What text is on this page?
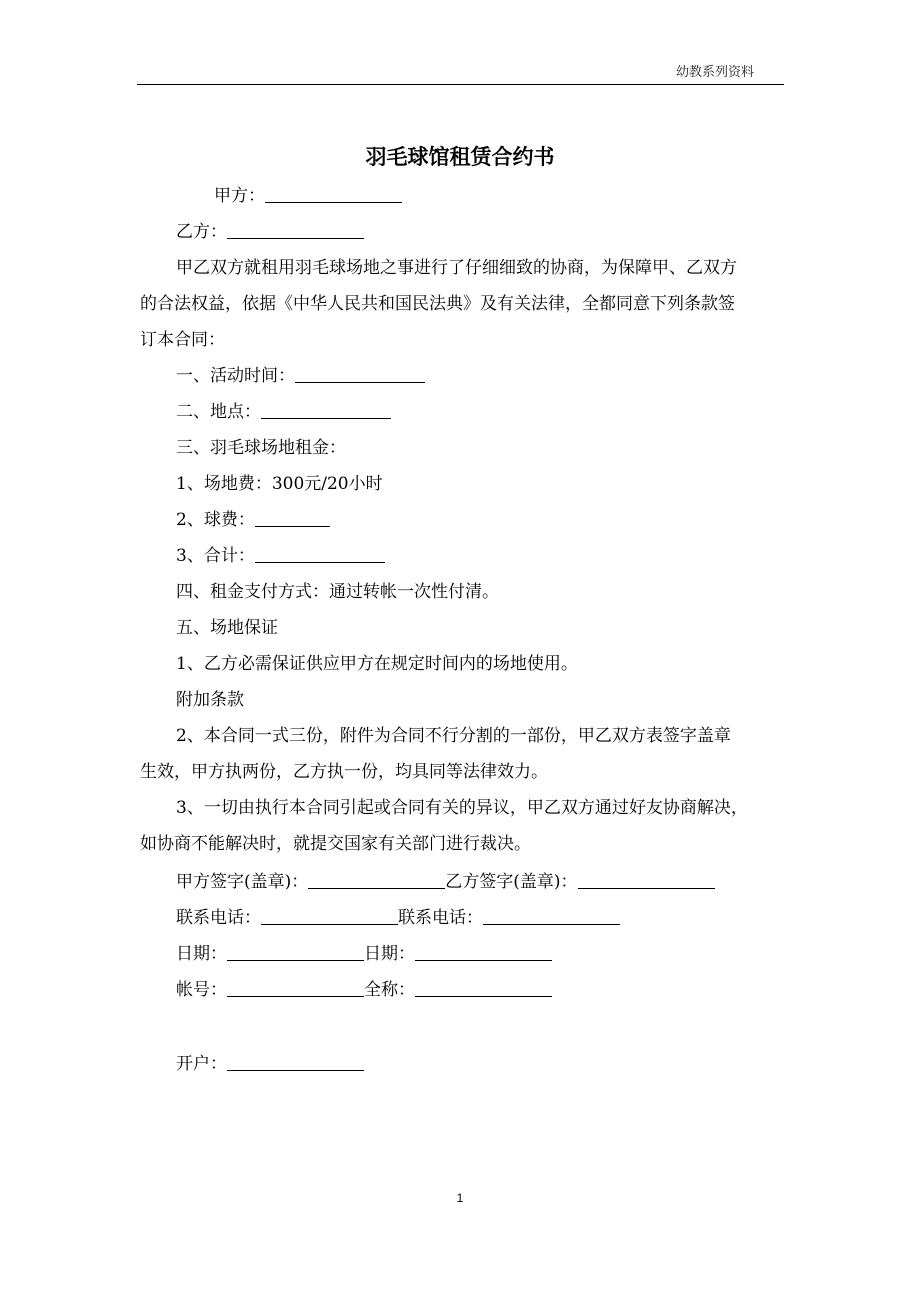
幼教系列资料
羽毛球馆租赁合约书
甲方：
乙方：
甲乙双方就租用羽毛球场地之事进行了仔细细致的协商，为保障甲、乙双方
的合法权益，依据《中华人民共和国民法典》及有关法律，全都同意下列条款签
订本合同：
一、活动时间：
二、地点：
三、羽毛球场地租金：
1、场地费：300元/20小时
2、球费：
3、合计：
四、租金支付方式：通过转帐一次性付清。
五、场地保证
1、乙方必需保证供应甲方在规定时间内的场地使用。
附加条款
2、本合同一式三份，附件为合同不行分割的一部份，甲乙双方表签字盖章
生效，甲方执两份，乙方执一份，均具同等法律效力。
3、一切由执行本合同引起或合同有关的异议，甲乙双方通过好友协商解决，
如协商不能解决时，就提交国家有关部门进行裁决。
甲方签字(盖章)：	乙方签字(盖章)：
联系电话：	联系电话：
日期：	日期：
帐号：	全称：
开户：
1
